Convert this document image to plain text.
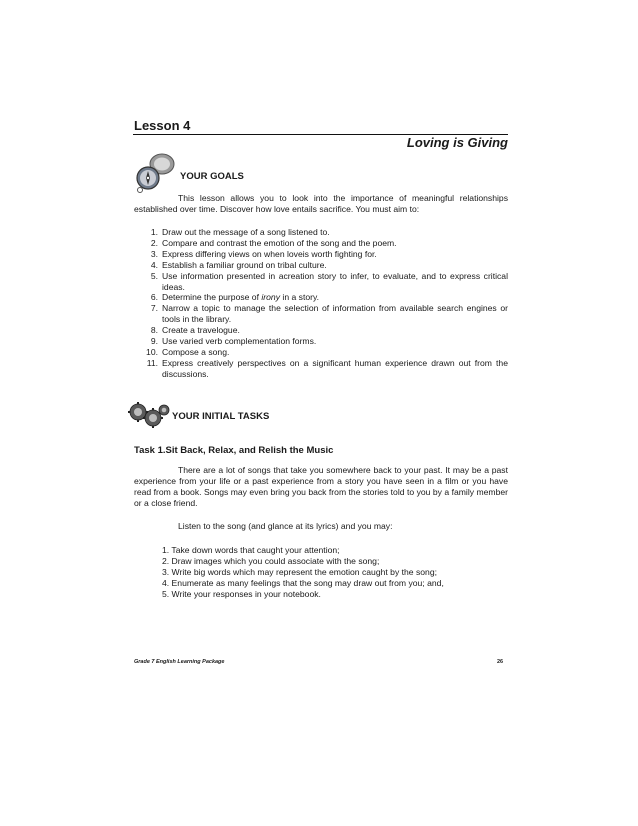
Lesson 4
Loving is Giving
YOUR GOALS
This lesson allows you to look into the importance of meaningful relationships established over time. Discover how love entails sacrifice. You must aim to:
1. Draw out the message of a song listened to.
2. Compare and contrast the emotion of the song and the poem.
3. Express differing views on when loveis worth fighting for.
4. Establish a familiar ground on tribal culture.
5. Use information presented in acreation story to infer, to evaluate, and to express critical ideas.
6. Determine the purpose of irony in a story.
7. Narrow a topic to manage the selection of information from available search engines or tools in the library.
8. Create a travelogue.
9. Use varied verb complementation forms.
10. Compose a song.
11. Express creatively perspectives on a significant human experience drawn out from the discussions.
YOUR INITIAL TASKS
Task 1.Sit Back, Relax, and Relish the Music
There are a lot of songs that take you somewhere back to your past. It may be a past experience from your life or a past experience from a story you have seen in a film or you have read from a book. Songs may even bring you back from the stories told to you by a family member or a close friend.
Listen to the song (and glance at its lyrics) and you may:
1. Take down words that caught your attention;
2. Draw images which you could associate with the song;
3. Write big words which may represent the emotion caught by the song;
4. Enumerate as many feelings that the song may draw out from you; and,
5. Write your responses in your notebook.
Grade 7 English Learning Package	26
